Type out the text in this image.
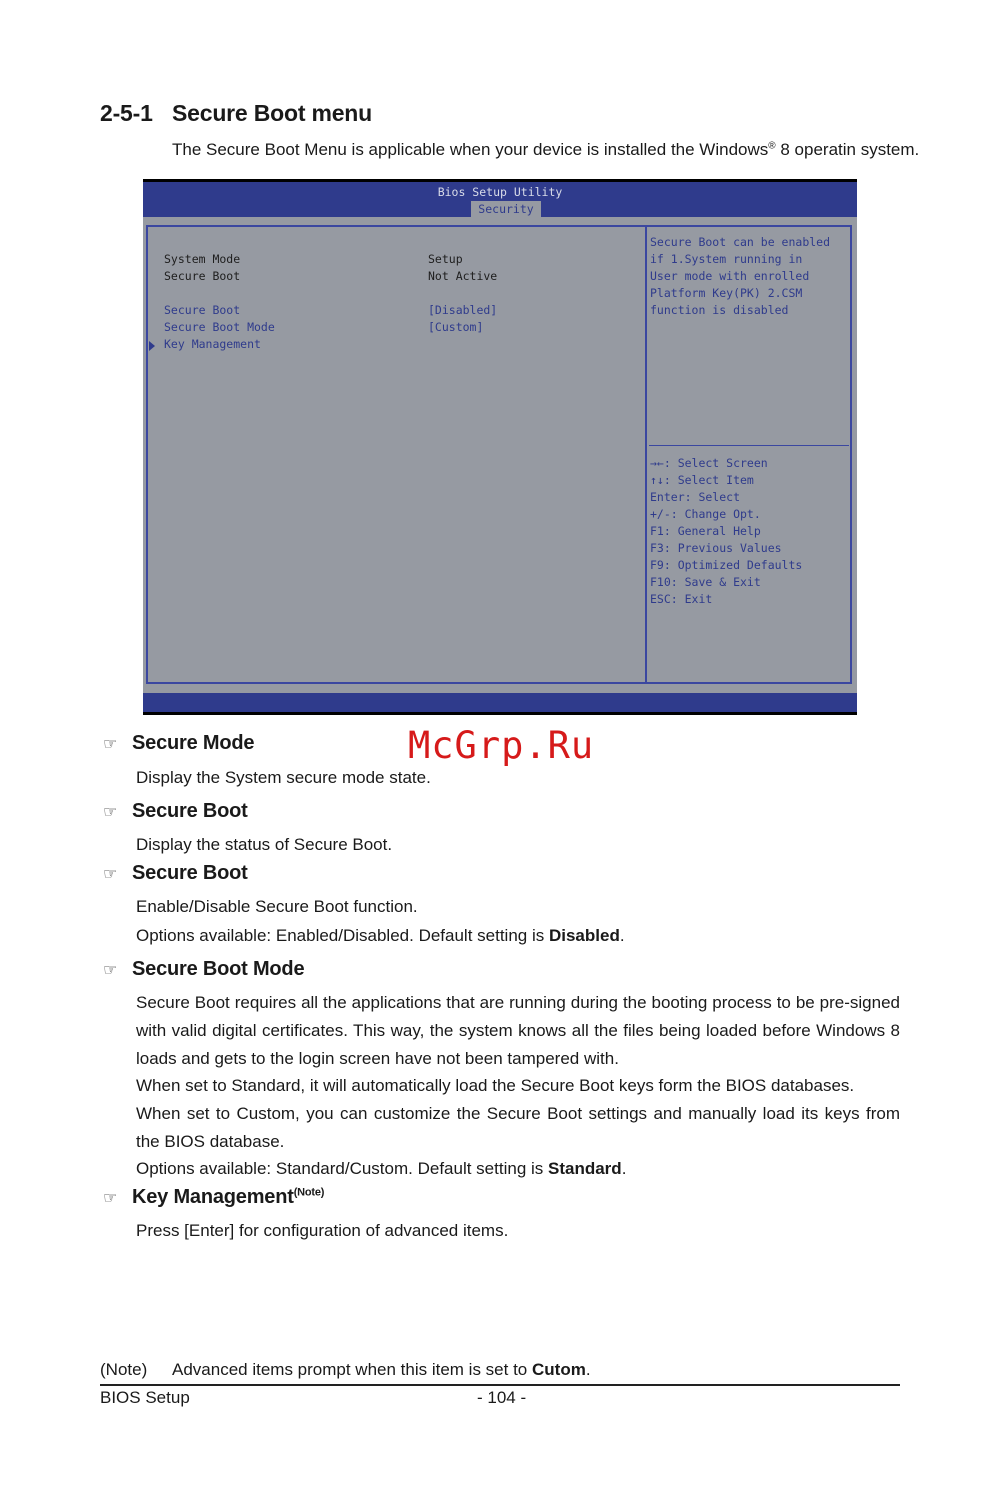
2-5-1 Secure Boot menu
The Secure Boot Menu is applicable when your device is installed the Windows® 8 operatin system.
Bios Setup Utility
Security
System Mode	Setup
Secure Boot	Not Active
Secure Boot	[Disabled]
Secure Boot Mode	[Custom]
Key Management
Secure Boot can be enabled
if 1.System running in
User mode with enrolled
Platform Key(PK) 2.CSM
function is disabled
→←: Select Screen
↑↓: Select Item
Enter: Select
+/-: Change Opt.
F1: General Help
F3: Previous Values
F9: Optimized Defaults
F10: Save & Exit
ESC: Exit
McGrp.Ru
☞ Secure Mode
Display the System secure mode state.
☞ Secure Boot
Display the status of Secure Boot.
☞ Secure Boot
Enable/Disable Secure Boot function.
Options available: Enabled/Disabled. Default setting is Disabled.
☞ Secure Boot Mode
Secure Boot requires all the applications that are running during the booting process to be pre-signed with valid digital certificates. This way, the system knows all the files being loaded before Windows 8 loads and gets to the login screen have not been tampered with.
When set to Standard, it will automatically load the Secure Boot keys form the BIOS databases.
When set to Custom, you can customize the Secure Boot settings and manually load its keys from the BIOS database.
Options available: Standard/Custom. Default setting is Standard.
☞ Key Management$^{(Note)}$
Press [Enter] for configuration of advanced items.
(Note) Advanced items prompt when this item is set to Cutom.
BIOS Setup	- 104 -
